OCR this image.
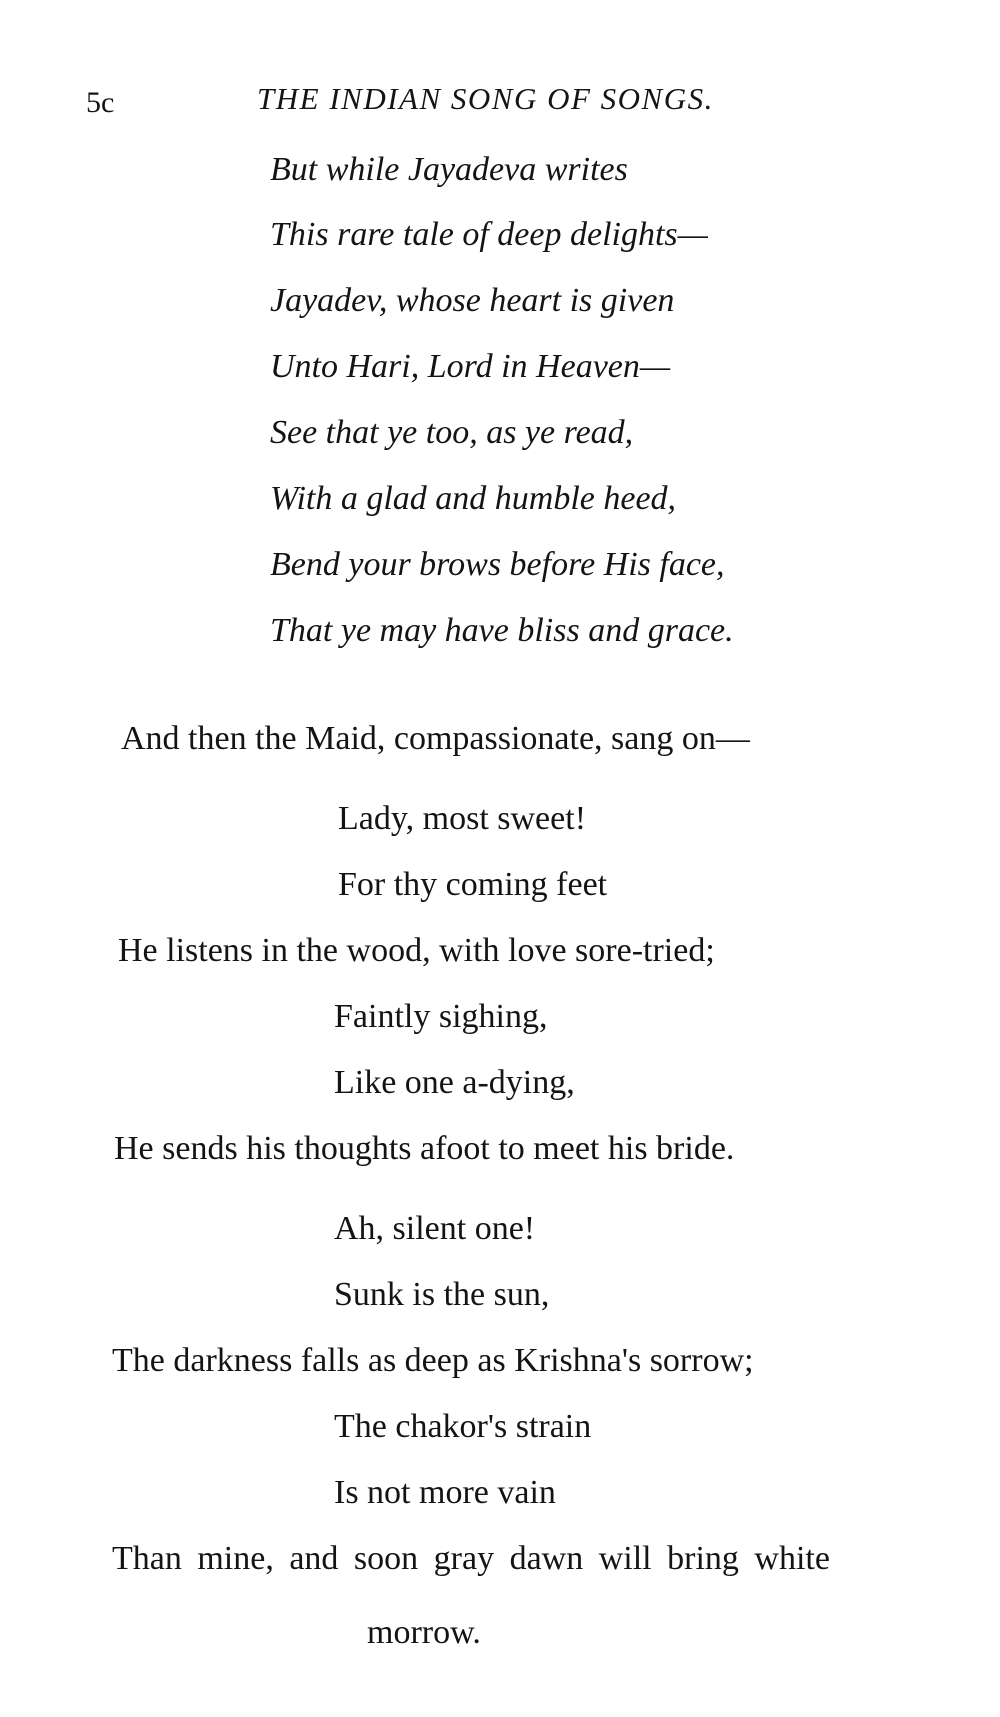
5c	THE INDIAN SONG OF SONGS.
But while Jayadeva writes
This rare tale of deep delights—
Jayadev, whose heart is given
Unto Hari, Lord in Heaven—
See that ye too, as ye read,
With a glad and humble heed,
Bend your brows before His face,
That ye may have bliss and grace.
And then the Maid, compassionate, sang on—
Lady, most sweet!
For thy coming feet
He listens in the wood, with love sore-tried;
Faintly sighing,
Like one a-dying,
He sends his thoughts afoot to meet his bride.
Ah, silent one!
Sunk is the sun,
The darkness falls as deep as Krishna's sorrow;
The chakor's strain
Is not more vain
Than mine, and soon gray dawn will bring white
morrow.
